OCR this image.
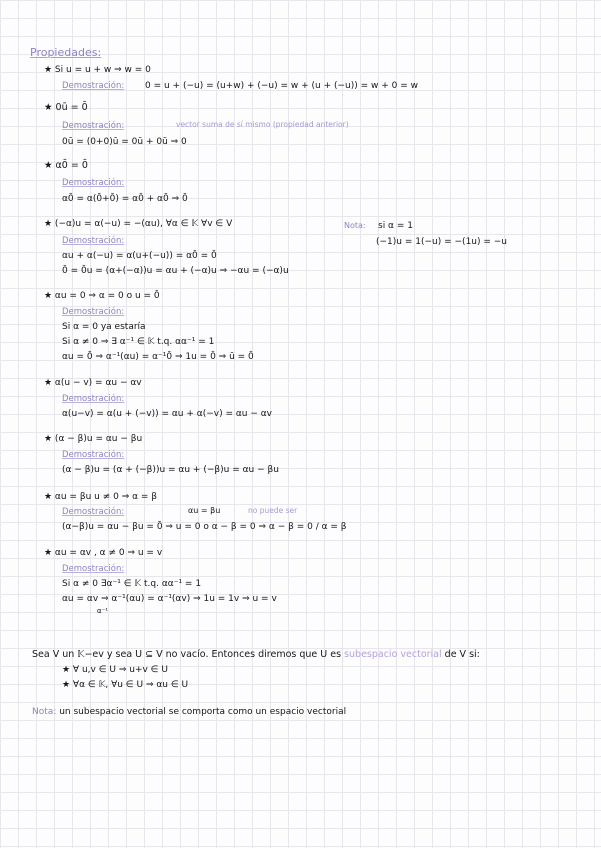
Propiedades:
★ Si u = u + w ⇒ w = 0
Demostración: 0 = u + (−u) = (u+w) + (−u) = w + (u + (−u)) = w + 0 = w
★ 0ū = 0̄
Demostración:	vector suma de sí mismo (propiedad anterior)
0ū = (0+0)ū = 0ū + 0ū ⇒ 0
★ α0̄ = 0̄
Demostración:
α0̄ = α(0̄+0̄) = α0̄ + α0̄ ⇒ 0̄
★ (−α)u = α(−u) = −(αu), ∀α ∈ 𝕂 ∀v ∈ V	Nota: si α = 1
(−1)u = 1(−u) = −(1u) = −u
Demostración:
αu + α(−u) = α(u+(−u)) = α0̄ = 0̄
0̄ = 0̄u = (α+(−α))u = αu + (−α)u ⇒ −αu = (−α)u
★ αu = 0 ⇒ α = 0 o u = 0̄
Demostración:
Si α = 0 ya estaría
Si α ≠ 0 ⇒ ∃ α⁻¹ ∈ 𝕂 t.q. αα⁻¹ = 1
αu = 0̄ ⇒ α⁻¹(αu) = α⁻¹0̄ ⇒ 1u = 0̄ ⇒ ū = 0̄
★ α(u − v) = αu − αv
Demostración:
α(u−v) = α(u + (−v)) = αu + α(−v) = αu − αv
★ (α − β)u = αu − βu
Demostración:
(α − β)u = (α + (−β))u = αu + (−β)u = αu − βu
★ αu = βu u ≠ 0 ⇒ α = β
Demostración:	αu = βu	no puede ser
(α−β)u = αu − βu = 0̄ ⇒ u = 0 o α − β = 0 ⇒ α − β = 0 / α = β
★ αu = αv , α ≠ 0 ⇒ u = v
Demostración:
Si α ≠ 0 ∃α⁻¹ ∈ 𝕂 t.q. αα⁻¹ = 1
αu = αv ⇒ α⁻¹(αu) = α⁻¹(αv) ⇒ 1u = 1v ⇒ u = v
α⁻¹
Sea V un 𝕂−ev y sea U ⊆ V no vacío. Entonces diremos que U es subespacio vectorial de V si:
★ ∀ u,v ∈ U ⇒ u+v ∈ U
★ ∀α ∈ 𝕂, ∀u ∈ U ⇒ αu ∈ U
Nota: un subespacio vectorial se comporta como un espacio vectorial
